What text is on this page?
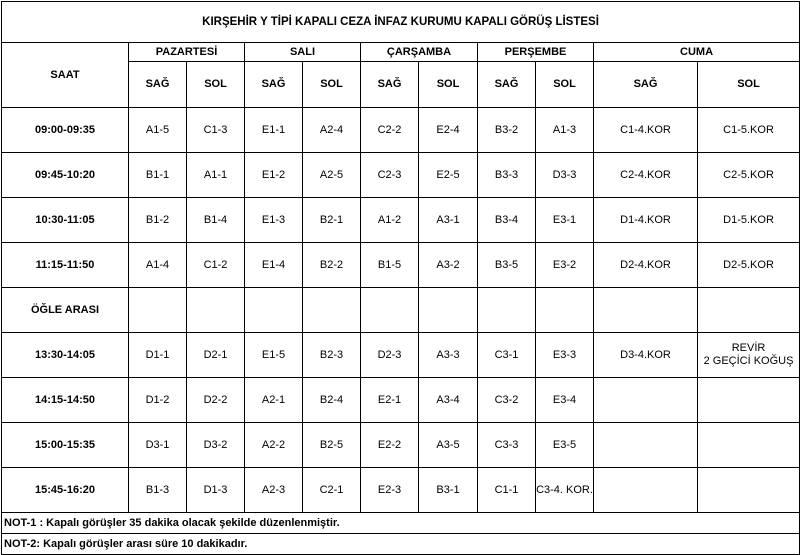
KIRŞEHİR Y TİPİ KAPALI CEZA İNFAZ KURUMU KAPALI GÖRÜŞ LİSTESİ										
SAAT	PAZARTESİ		SALI		ÇARŞAMBA		PERŞEMBE		CUMA	
	SAĞ	SOL	SAĞ	SOL	SAĞ	SOL	SAĞ	SOL	SAĞ	SOL
09:00-09:35	A1-5	C1-3	E1-1	A2-4	C2-2	E2-4	B3-2	A1-3	C1-4.KOR	C1-5.KOR
09:45-10:20	B1-1	A1-1	E1-2	A2-5	C2-3	E2-5	B3-3	D3-3	C2-4.KOR	C2-5.KOR
10:30-11:05	B1-2	B1-4	E1-3	B2-1	A1-2	A3-1	B3-4	E3-1	D1-4.KOR	D1-5.KOR
11:15-11:50	A1-4	C1-2	E1-4	B2-2	B1-5	A3-2	B3-5	E3-2	D2-4.KOR	D2-5.KOR
ÖĞLE ARASI										
13:30-14:05	D1-1	D2-1	E1-5	B2-3	D2-3	A3-3	C3-1	E3-3	D3-4.KOR	REVİR
2 GEÇİCİ KOĞUŞ
14:15-14:50	D1-2	D2-2	A2-1	B2-4	E2-1	A3-4	C3-2	E3-4		
15:00-15:35	D3-1	D3-2	A2-2	B2-5	E2-2	A3-5	C3-3	E3-5		
15:45-16:20	B1-3	D1-3	A2-3	C2-1	E2-3	B3-1	C1-1	C3-4. KOR.		
NOT-1 : Kapalı görüşler 35 dakika olacak şekilde düzenlenmiştir.										
NOT-2: Kapalı görüşler arası süre 10 dakikadır.										
